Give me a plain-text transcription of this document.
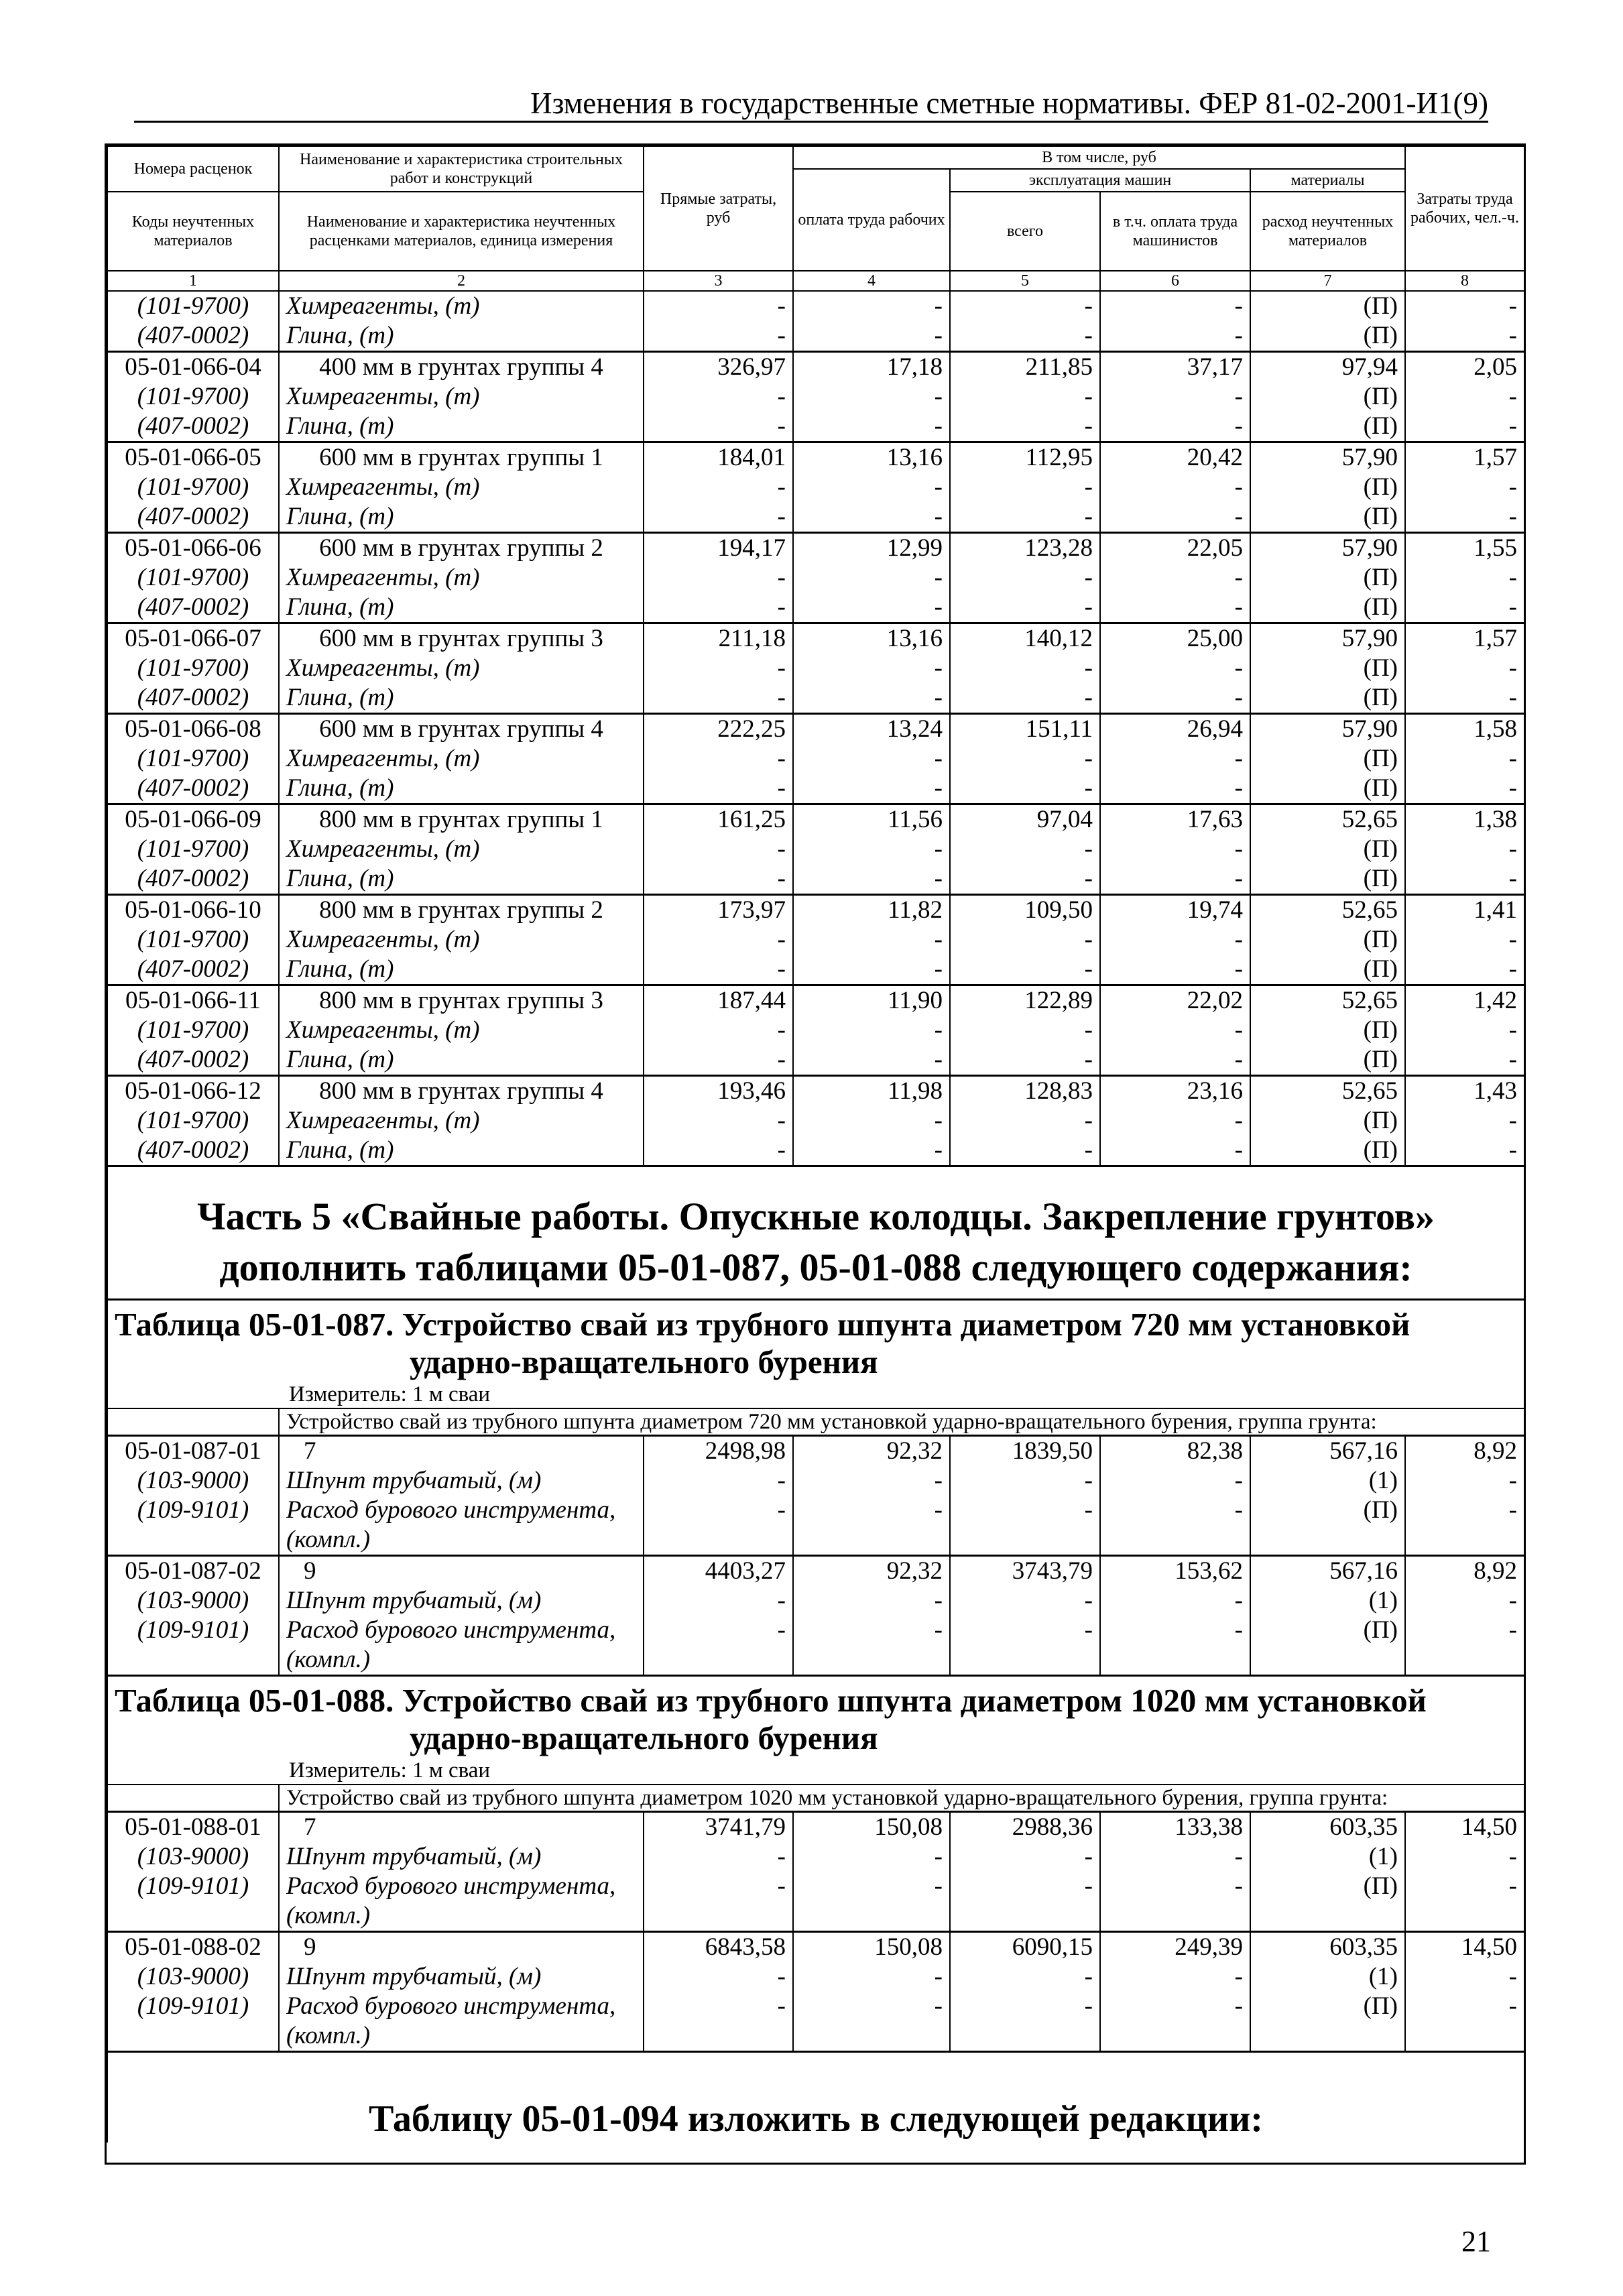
Изменения в государственные сметные нормативы. ФЕР 81-02-2001-И1(9)
Номера расценок	Наименование и характеристика строительных работ и конструкций	Прямые затраты, руб	В том числе, руб				Затраты труда рабочих, чел.-ч.
			оплата труда рабочих	эксплуатация машин		материалы	
Коды неучтенных материалов	Наименование и характеристика неучтенных расценками материалов, единица измерения			всего	в т.ч. оплата труда машинистов	расход неучтенных материалов	
1	2	3	4	5	6	7	8
(101-9700)	Химреагенты, (т)	-	-	-	-	(П)	-
(407-0002)	Глина, (т)	-	-	-	-	(П)	-
05-01-066-04	400 мм в грунтах группы 4	326,97	17,18	211,85	37,17	97,94	2,05
(101-9700)	Химреагенты, (т)	-	-	-	-	(П)	-
(407-0002)	Глина, (т)	-	-	-	-	(П)	-
05-01-066-05	600 мм в грунтах группы 1	184,01	13,16	112,95	20,42	57,90	1,57
(101-9700)	Химреагенты, (т)	-	-	-	-	(П)	-
(407-0002)	Глина, (т)	-	-	-	-	(П)	-
05-01-066-06	600 мм в грунтах группы 2	194,17	12,99	123,28	22,05	57,90	1,55
(101-9700)	Химреагенты, (т)	-	-	-	-	(П)	-
(407-0002)	Глина, (т)	-	-	-	-	(П)	-
05-01-066-07	600 мм в грунтах группы 3	211,18	13,16	140,12	25,00	57,90	1,57
(101-9700)	Химреагенты, (т)	-	-	-	-	(П)	-
(407-0002)	Глина, (т)	-	-	-	-	(П)	-
05-01-066-08	600 мм в грунтах группы 4	222,25	13,24	151,11	26,94	57,90	1,58
(101-9700)	Химреагенты, (т)	-	-	-	-	(П)	-
(407-0002)	Глина, (т)	-	-	-	-	(П)	-
05-01-066-09	800 мм в грунтах группы 1	161,25	11,56	97,04	17,63	52,65	1,38
(101-9700)	Химреагенты, (т)	-	-	-	-	(П)	-
(407-0002)	Глина, (т)	-	-	-	-	(П)	-
05-01-066-10	800 мм в грунтах группы 2	173,97	11,82	109,50	19,74	52,65	1,41
(101-9700)	Химреагенты, (т)	-	-	-	-	(П)	-
(407-0002)	Глина, (т)	-	-	-	-	(П)	-
05-01-066-11	800 мм в грунтах группы 3	187,44	11,90	122,89	22,02	52,65	1,42
(101-9700)	Химреагенты, (т)	-	-	-	-	(П)	-
(407-0002)	Глина, (т)	-	-	-	-	(П)	-
05-01-066-12	800 мм в грунтах группы 4	193,46	11,98	128,83	23,16	52,65	1,43
(101-9700)	Химреагенты, (т)	-	-	-	-	(П)	-
(407-0002)	Глина, (т)	-	-	-	-	(П)	-

Часть 5 «Свайные работы. Опускные колодцы. Закрепление грунтов» дополнить таблицами 05-01-087, 05-01-088 следующего содержания:							

Таблица 05-01-087. Устройство свай из трубного шпунта диаметром 720 мм установкой
ударно-вращательного бурения
Измеритель: 1 м сваи							

	Устройство свай из трубного шпунта диаметром 720 мм установкой ударно-вращательного бурения, группа грунта:						
05-01-087-01	7	2498,98	92,32	1839,50	82,38	567,16	8,92
(103-9000)	Шпунт трубчатый, (м)	-	-	-	-	(1)	-
(109-9101)	Расход бурового инструмента, (компл.)	-	-	-	-	(П)	-
05-01-087-02	9	4403,27	92,32	3743,79	153,62	567,16	8,92
(103-9000)	Шпунт трубчатый, (м)	-	-	-	-	(1)	-
(109-9101)	Расход бурового инструмента, (компл.)	-	-	-	-	(П)	-

Таблица 05-01-088. Устройство свай из трубного шпунта диаметром 1020 мм установкой
ударно-вращательного бурения
Измеритель: 1 м сваи							

	Устройство свай из трубного шпунта диаметром 1020 мм установкой ударно-вращательного бурения, группа грунта:						
05-01-088-01	7	3741,79	150,08	2988,36	133,38	603,35	14,50
(103-9000)	Шпунт трубчатый, (м)	-	-	-	-	(1)	-
(109-9101)	Расход бурового инструмента, (компл.)	-	-	-	-	(П)	-
05-01-088-02	9	6843,58	150,08	6090,15	249,39	603,35	14,50
(103-9000)	Шпунт трубчатый, (м)	-	-	-	-	(1)	-
(109-9101)	Расход бурового инструмента, (компл.)	-	-	-	-	(П)	-

Таблицу 05-01-094 изложить в следующей редакции:							
21
